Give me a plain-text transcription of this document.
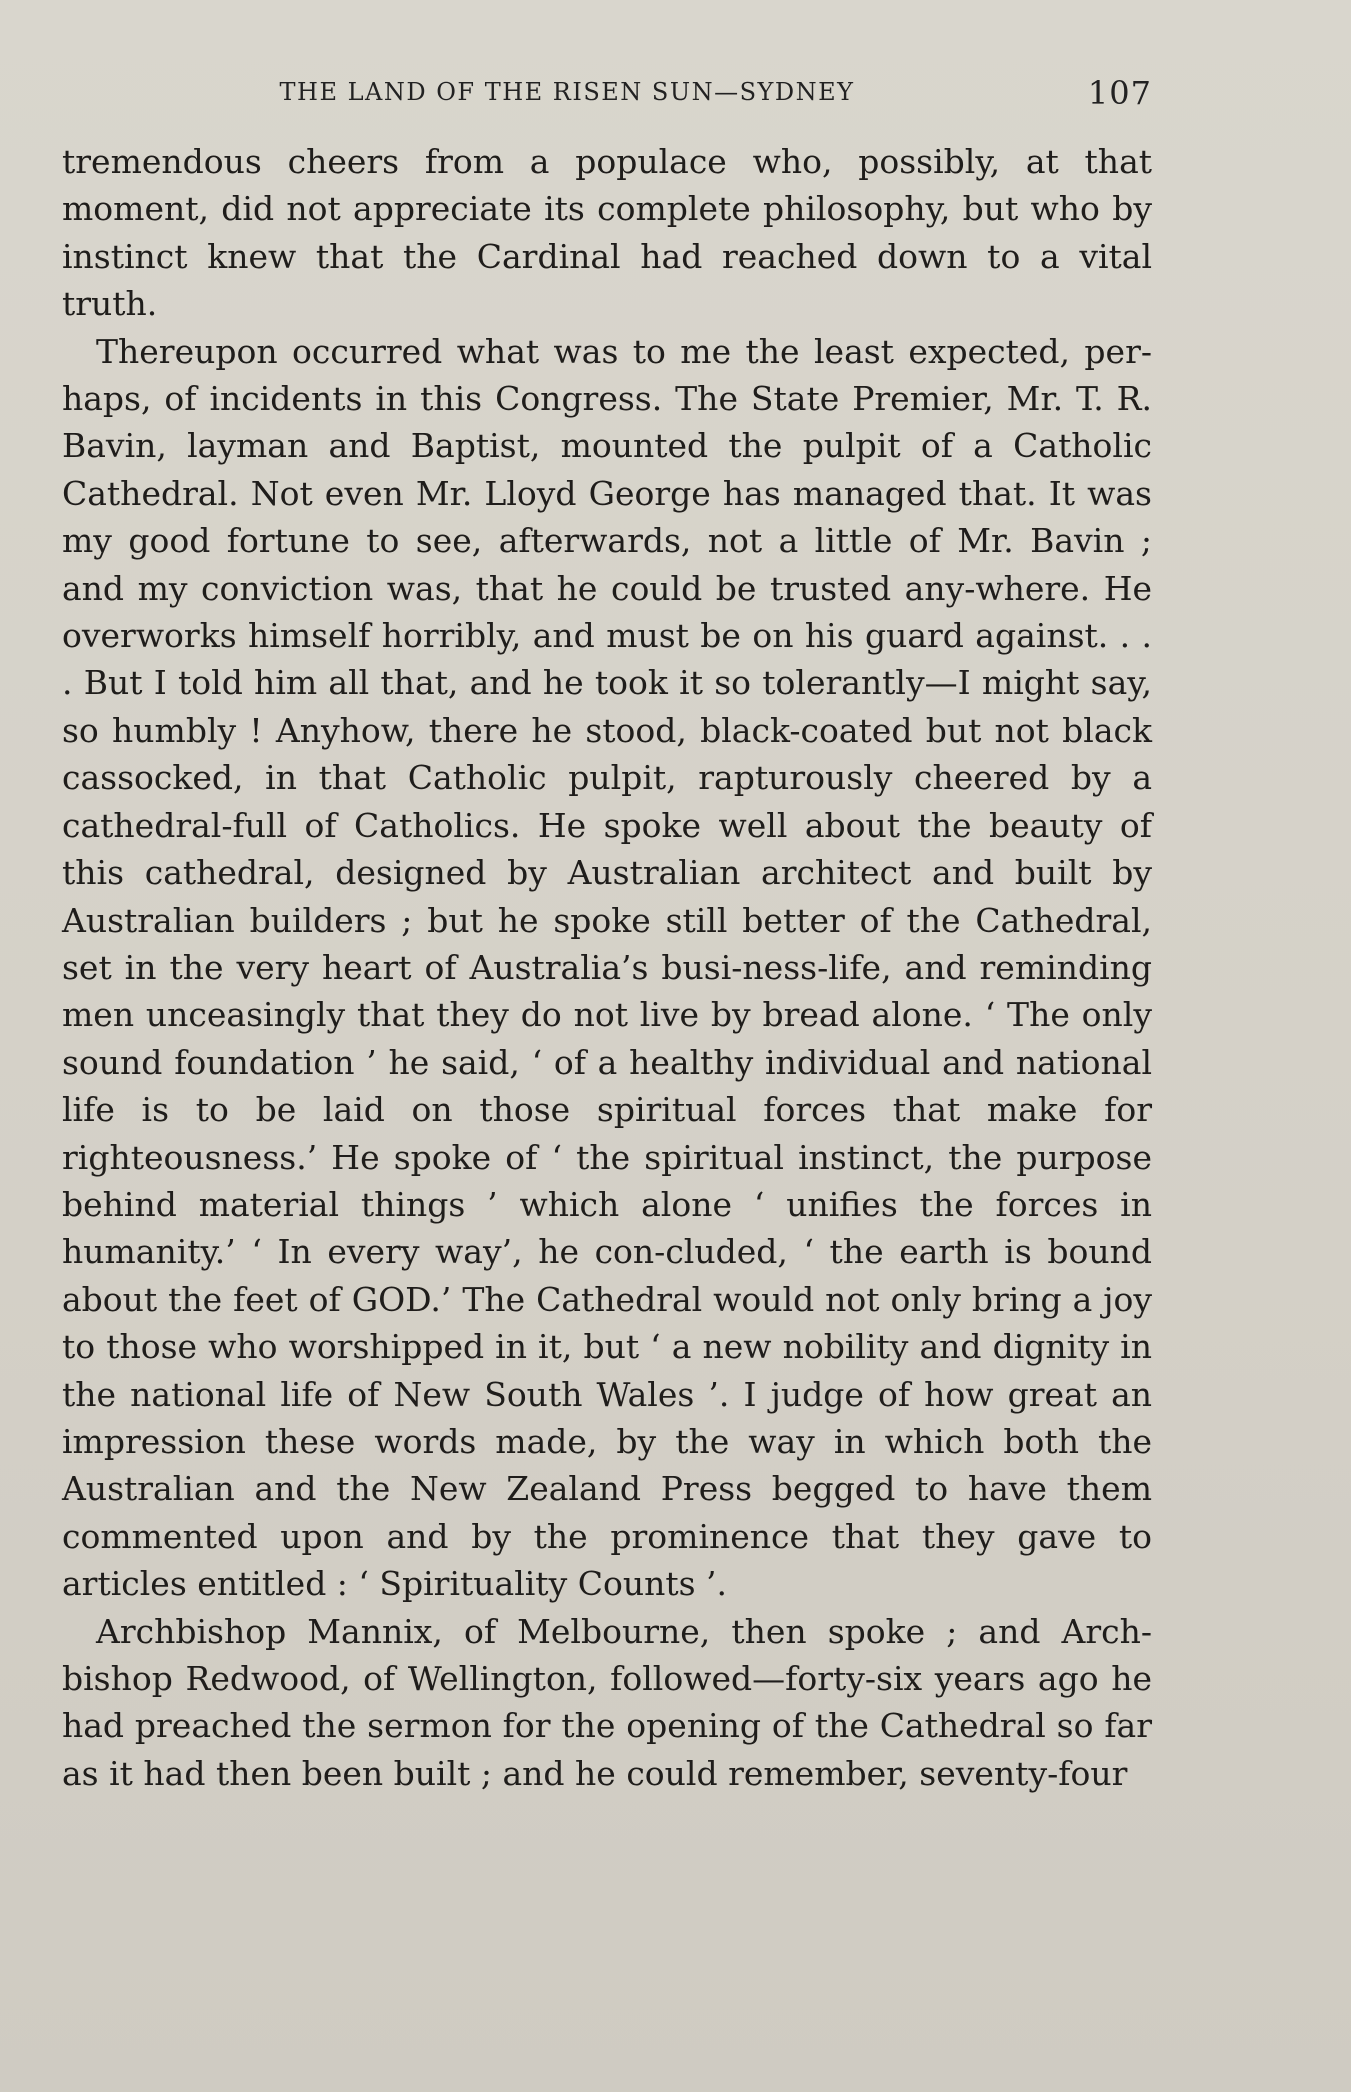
THE LAND OF THE RISEN SUN—SYDNEY	107

tremendous cheers from a populace who, possibly, at that moment, did not appreciate its complete philosophy, but who by instinct knew that the Cardinal had reached down to a vital truth.

Thereupon occurred what was to me the least expected, per-haps, of incidents in this Congress. The State Premier, Mr. T. R. Bavin, layman and Baptist, mounted the pulpit of a Catholic Cathedral. Not even Mr. Lloyd George has managed that. It was my good fortune to see, afterwards, not a little of Mr. Bavin ; and my conviction was, that he could be trusted any-where. He overworks himself horribly, and must be on his guard against. . . . But I told him all that, and he took it so tolerantly—I might say, so humbly ! Anyhow, there he stood, black-coated but not black cassocked, in that Catholic pulpit, rapturously cheered by a cathedral-full of Catholics. He spoke well about the beauty of this cathedral, designed by Australian architect and built by Australian builders ; but he spoke still better of the Cathedral, set in the very heart of Australia’s busi-ness-life, and reminding men unceasingly that they do not live by bread alone. ‘ The only sound foundation ’ he said, ‘ of a healthy individual and national life is to be laid on those spiritual forces that make for righteousness.’ He spoke of ‘ the spiritual instinct, the purpose behind material things ’ which alone ‘ unifies the forces in humanity.’ ‘ In every way’, he con-cluded, ‘ the earth is bound about the feet of GOD.’ The Cathedral would not only bring a joy to those who worshipped in it, but ‘ a new nobility and dignity in the national life of New South Wales ’. I judge of how great an impression these words made, by the way in which both the Australian and the New Zealand Press begged to have them commented upon and by the prominence that they gave to articles entitled : ‘ Spirituality Counts ’.

Archbishop Mannix, of Melbourne, then spoke ; and Arch-bishop Redwood, of Wellington, followed—forty-six years ago he had preached the sermon for the opening of the Cathedral so far as it had then been built ; and he could remember, seventy-four
